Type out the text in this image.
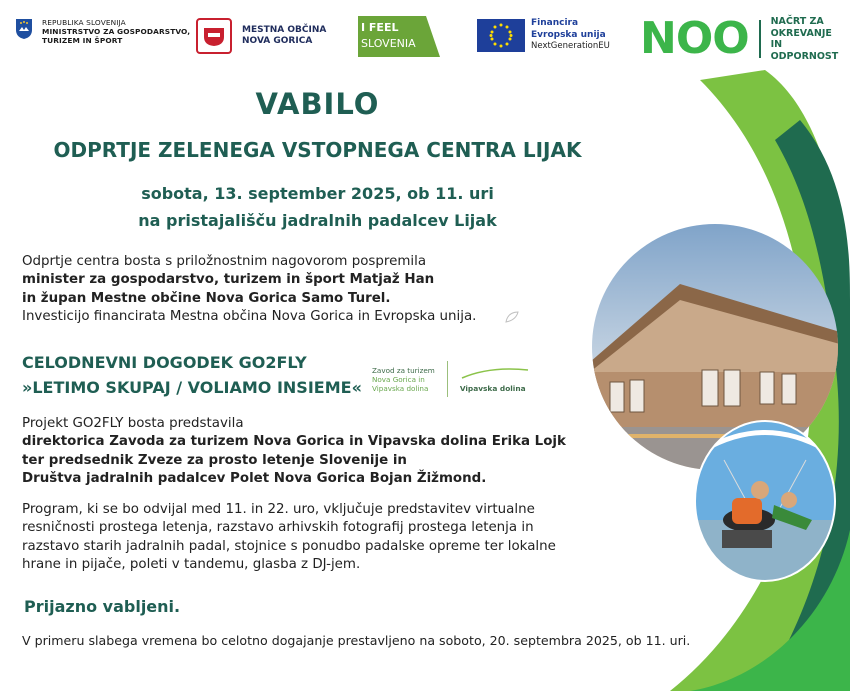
REPUBLIKA SLOVENIJA
MINISTRSTVO ZA GOSPODARSTVO,
TURIZEM IN ŠPORT
MESTNA OBČINA
NOVA GORICA
I FEEL
SLOVENIA
Financira
Evropska unija
NextGenerationEU NOO NAČRT ZA
OKREVANJE
IN ODPORNOST
VABILO
ODPRTJE ZELENEGA VSTOPNEGA CENTRA LIJAK
sobota, 13. september 2025, ob 11. uri
na pristajališču jadralnih padalcev Lijak
Odprtje centra bosta s priložnostnim nagovorom pospremila
minister za gospodarstvo, turizem in šport Matjaž Han
in župan Mestne občine Nova Gorica Samo Turel.
Investicijo financirata Mestna občina Nova Gorica in Evropska unija.
CELODNEVNI DOGODEK GO2FLY
»LETIMO SKUPAJ / VOLIAMO INSIEME«
Zavod za turizem
Nova Gorica in
Vipavska dolina	Vipavska dolina
Projekt GO2FLY bosta predstavila
direktorica Zavoda za turizem Nova Gorica in Vipavska dolina Erika Lojk
ter predsednik Zveze za prosto letenje Slovenije in
Društva jadralnih padalcev Polet Nova Gorica Bojan Žižmond.
Program, ki se bo odvijal med 11. in 22. uro, vključuje predstavitev virtualne
resničnosti prostega letenja, razstavo arhivskih fotografij prostega letenja in
razstavo starih jadralnih padal, stojnice s ponudbo padalske opreme ter lokalne
hrane in pijače, poleti v tandemu, glasba z DJ-jem.
Prijazno vabljeni.
V primeru slabega vremena bo celotno dogajanje prestavljeno na soboto, 20. septembra 2025, ob 11. uri.
